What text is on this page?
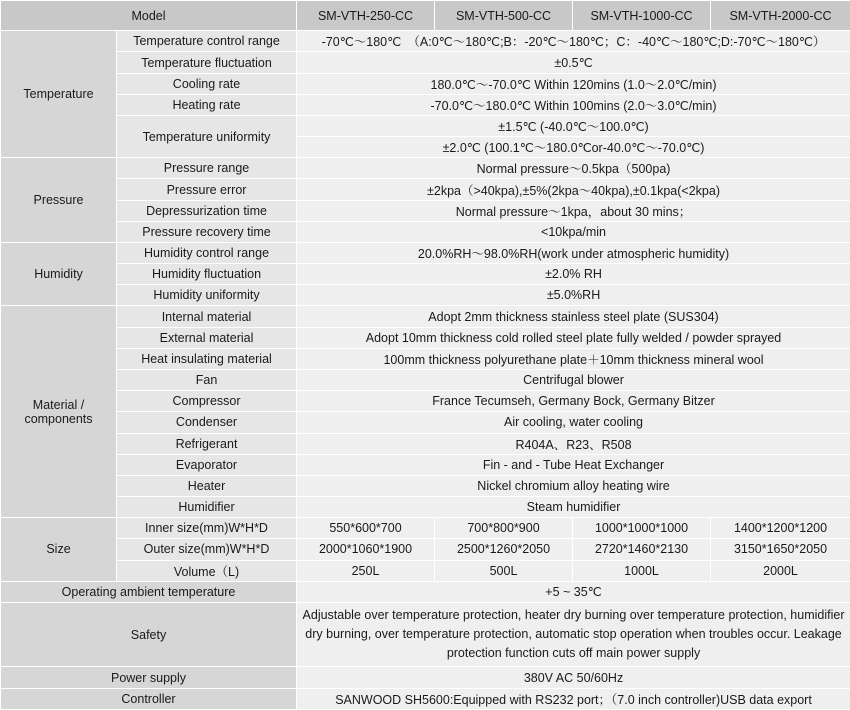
Model		SM-VTH-250-CC	SM-VTH-500-CC	SM-VTH-1000-CC	SM-VTH-2000-CC
Temperature	Temperature control range	-70℃～180℃　（A:0℃～180℃;B：-20℃～180℃；C：-40℃～180℃;D:-70℃～180℃）			
	Temperature fluctuation	±0.5℃			
	Cooling rate	180.0℃～-70.0℃ Within 120mins (1.0～2.0℃/min)			
	Heating rate	-70.0℃～180.0℃ Within 100mins (2.0～3.0℃/min)			
	Temperature uniformity	±1.5℃ (-40.0℃～100.0℃)			
		±2.0℃ (100.1℃～180.0℃or-40.0℃～-70.0℃)			
Pressure	Pressure range	Normal pressure～0.5kpa（500pa)			
	Pressure error	±2kpa（>40kpa),±5%(2kpa～40kpa),±0.1kpa(<2kpa)			
	Depressurization time	Normal pressure～1kpa，about 30 mins；			
	Pressure recovery time	<10kpa/min			
Humidity	Humidity control range	20.0%RH～98.0%RH(work under atmospheric humidity)			
	Humidity fluctuation	±2.0% RH			
	Humidity uniformity	±5.0%RH			
Material /
components	Internal material	Adopt 2mm thickness stainless steel plate (SUS304)			
	External material	Adopt 10mm thickness cold rolled steel plate fully welded / powder sprayed			
	Heat insulating material	100mm thickness polyurethane plate＋10mm thickness mineral wool			
	Fan	Centrifugal blower			
	Compressor	France Tecumseh, Germany Bock, Germany Bitzer			
	Condenser	Air cooling, water cooling			
	Refrigerant	R404A、R23、R508			
	Evaporator	Fin - and - Tube Heat Exchanger			
	Heater	Nickel chromium alloy heating wire			
	Humidifier	Steam humidifier			
Size	Inner size(mm)W*H*D	550*600*700	700*800*900	1000*1000*1000	1400*1200*1200
	Outer size(mm)W*H*D	2000*1060*1900	2500*1260*2050	2720*1460*2130	3150*1650*2050
	Volume（L)	250L	500L	1000L	2000L
Operating ambient temperature		+5 ~ 35℃			
Safety		Adjustable over temperature protection, heater dry burning over temperature protection, humidifier dry burning, over temperature protection, automatic stop operation when troubles occur. Leakage protection function cuts off main power supply			
Power supply		380V AC 50/60Hz			
Controller		SANWOOD SH5600:Equipped with RS232 port；（7.0 inch controller)USB data export			
